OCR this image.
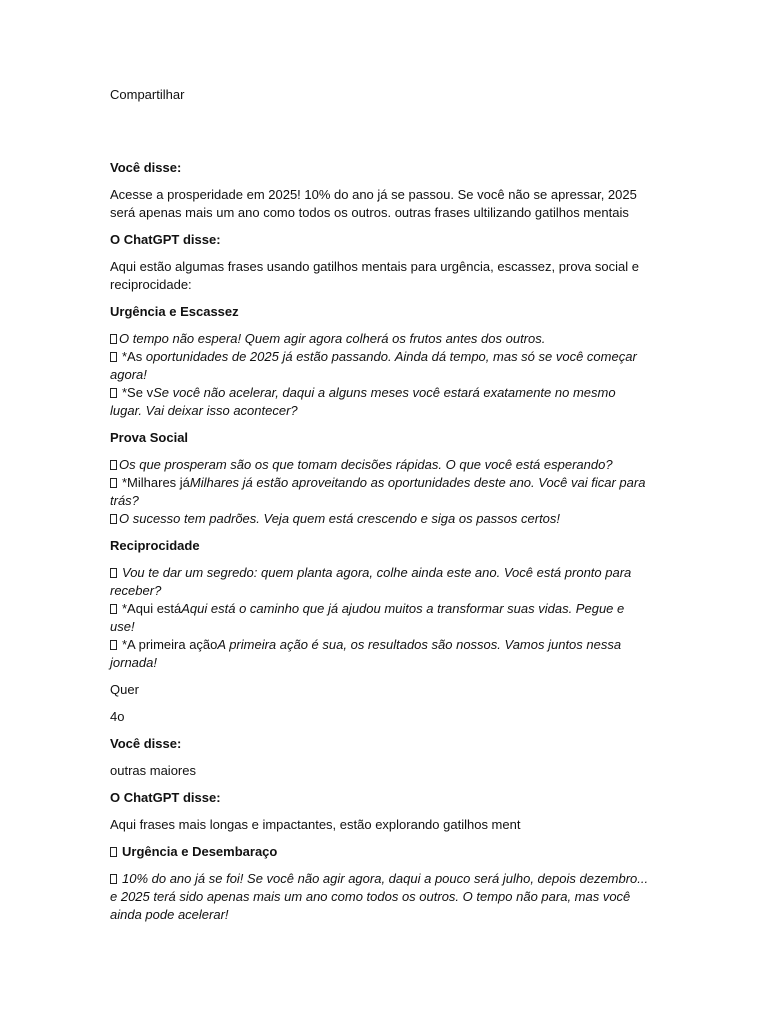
Compartilhar

Você disse:

Acesse a prosperidade em 2025! 10% do ano já se passou. Se você não se apressar, 2025 será apenas mais um ano como todos os outros. outras frases ultilizando gatilhos mentais

O ChatGPT disse:

Aqui estão algumas frases usando gatilhos mentais para urgência, escassez, prova social e reciprocidade:

Urgência e Escassez

O tempo não espera! Quem agir agora colherá os frutos antes dos outros.
*As oportunidades de 2025 já estão passando. Ainda dá tempo, mas só se você começar agora!
*Se vSe você não acelerar, daqui a alguns meses você estará exatamente no mesmo lugar. Vai deixar isso acontecer?

Prova Social

Os que prosperam são os que tomam decisões rápidas. O que você está esperando?
*Milhares jáMilhares já estão aproveitando as oportunidades deste ano. Você vai ficar para trás?
O sucesso tem padrões. Veja quem está crescendo e siga os passos certos!

Reciprocidade

Vou te dar um segredo: quem planta agora, colhe ainda este ano. Você está pronto para receber?
*Aqui estáAqui está o caminho que já ajudou muitos a transformar suas vidas. Pegue e use!
*A primeira açãoA primeira ação é sua, os resultados são nossos. Vamos juntos nessa jornada!

Quer

4o

Você disse:

outras maiores

O ChatGPT disse:

Aqui frases mais longas e impactantes, estão explorando gatilhos ment

Urgência e Desembaraço

10% do ano já se foi! Se você não agir agora, daqui a pouco será julho, depois dezembro... e 2025 terá sido apenas mais um ano como todos os outros. O tempo não para, mas você ainda pode acelerar!
